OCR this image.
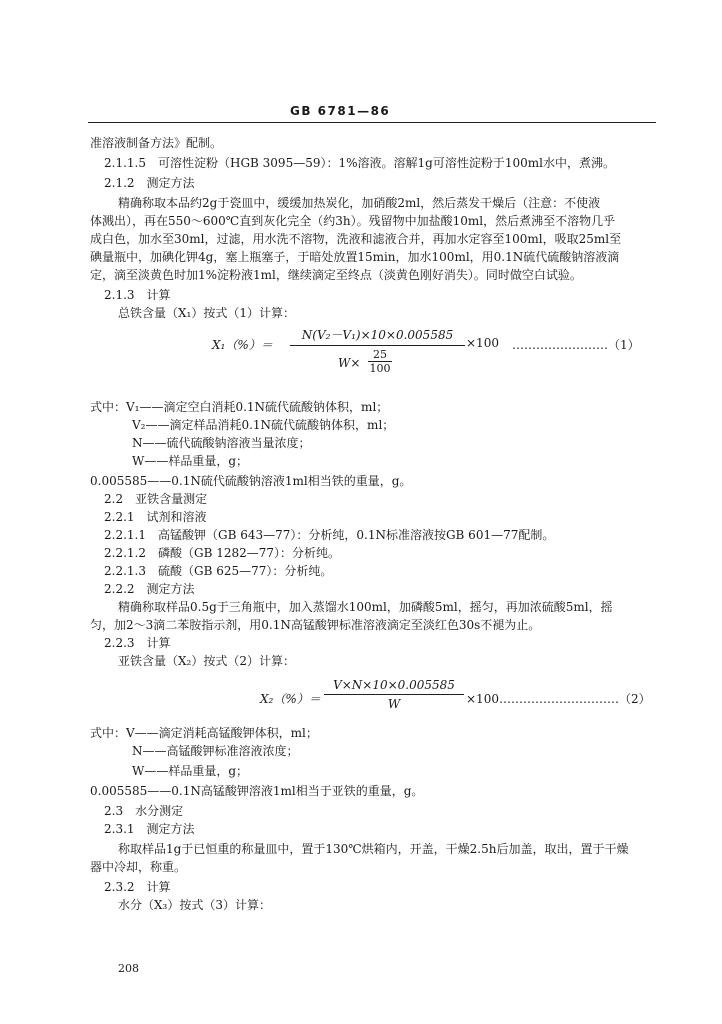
GB 6781—86
准溶液制备方法》配制。
2.1.1.5　可溶性淀粉（HGB 3095—59）：1%溶液。溶解1g可溶性淀粉于100ml水中，煮沸。
2.1.2　测定方法
精确称取本品约2g于瓷皿中，缓缓加热炭化，加硝酸2ml，然后蒸发干燥后（注意：不使液
体溅出），再在550～600℃直到灰化完全（约3h）。残留物中加盐酸10ml，然后煮沸至不溶物几乎
成白色，加水至30ml，过滤，用水洗不溶物，洗液和滤液合并，再加水定容至100ml，吸取25ml至
碘量瓶中，加碘化钾4g，塞上瓶塞子，于暗处放置15min，加水100ml，用0.1N硫代硫酸钠溶液滴
定，滴至淡黄色时加1%淀粉液1ml，继续滴定至终点（淡黄色刚好消失）。同时做空白试验。
2.1.3　计算
总铁含量（X₁）按式（1）计算：
X₁（%）＝
N(V₂－V₁)×10×0.005585
$W\times \frac{25}{100}$
×100 ……………………（1）
式中：V₁——滴定空白消耗0.1N硫代硫酸钠体积，ml；
V₂——滴定样品消耗0.1N硫代硫酸钠体积，ml；
N——硫代硫酸钠溶液当量浓度；
W——样品重量，g；
0.005585——0.1N硫代硫酸钠溶液1ml相当铁的重量，g。
2.2　亚铁含量测定
2.2.1　试剂和溶液
2.2.1.1　高锰酸钾（GB 643—77）：分析纯，0.1N标准溶液按GB 601—77配制。
2.2.1.2　磷酸（GB 1282—77）：分析纯。
2.2.1.3　硫酸（GB 625—77）：分析纯。
2.2.2　测定方法
精确称取样品0.5g于三角瓶中，加入蒸馏水100ml，加磷酸5ml，摇匀，再加浓硫酸5ml，摇
匀，加2～3滴二苯胺指示剂，用0.1N高锰酸钾标准溶液滴定至淡红色30s不褪为止。
2.2.3　计算
亚铁含量（X₂）按式（2）计算：
X₂（%）＝
V×N×10×0.005585
W	×100…………………………（2）
式中：V——滴定消耗高锰酸钾体积，ml；
N——高锰酸钾标准溶液浓度；
W——样品重量，g；
0.005585——0.1N高锰酸钾溶液1ml相当于亚铁的重量，g。
2.3　水分测定
2.3.1　测定方法
称取样品1g于已恒重的称量皿中，置于130℃烘箱内，开盖，干燥2.5h后加盖，取出，置于干燥
器中冷却，称重。
2.3.2　计算
水分（X₃）按式（3）计算：
208
